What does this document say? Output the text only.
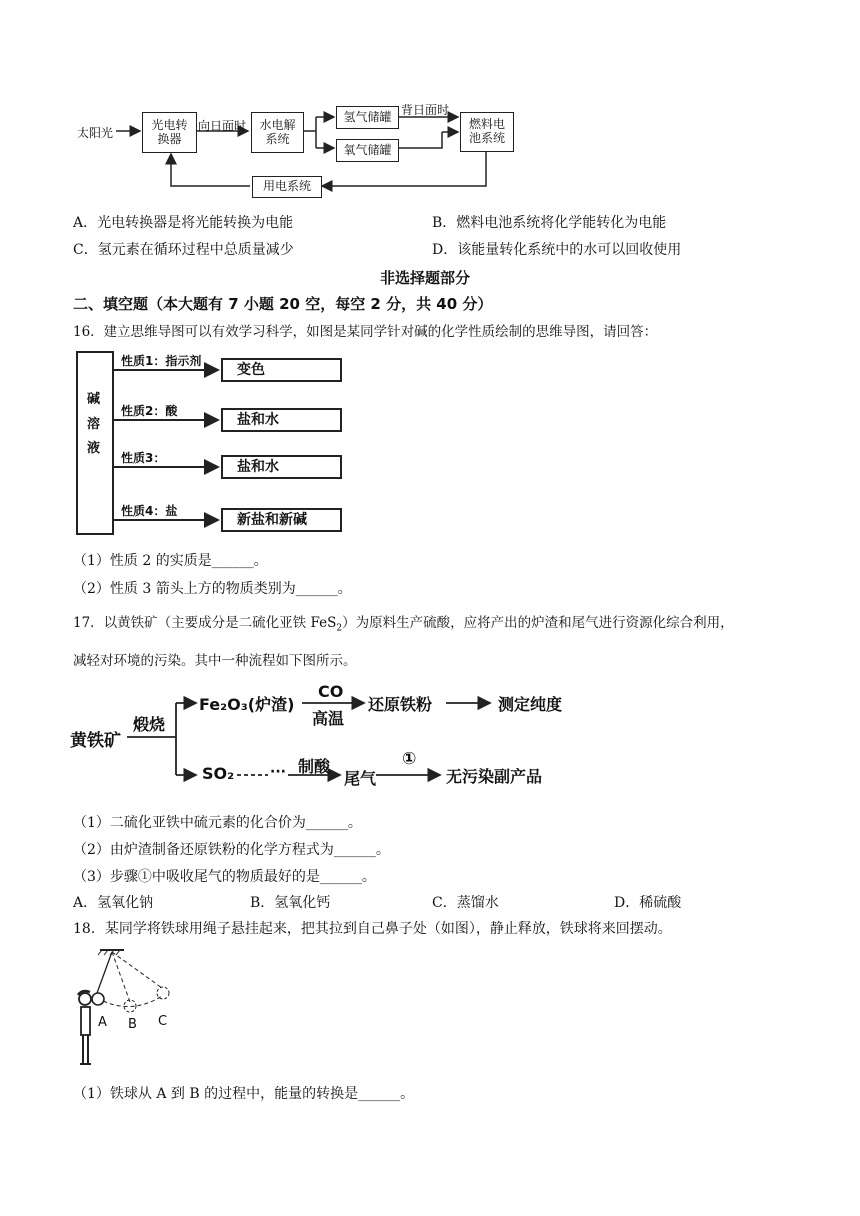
太阳光
光电转
换器
向日面时	水电解
系统
氢气储罐
氧气储罐
背日面时
燃料电
池系统
用电系统
A．光电转换器是将光能转换为电能	B．燃料电池系统将化学能转化为电能
C．氢元素在循环过程中总质量减少	D．该能量转化系统中的水可以回收使用
非选择题部分
二、填空题（本大题有 7 小题 20 空，每空 2 分，共 40 分）
16．建立思维导图可以有效学习科学，如图是某同学针对碱的化学性质绘制的思维导图，请回答：
碱
溶
液
性质1：指示剂
性质2：酸
性质3：
性质4：盐
变色
盐和水
盐和水
新盐和新碱
（1）性质 2 的实质是______。
（2）性质 3 箭头上方的物质类别为______。
17．以黄铁矿（主要成分是二硫化亚铁 FeS$_2$）为原料生产硫酸，应将产出的炉渣和尾气进行资源化综合利用，
减轻对环境的污染。其中一种流程如下图所示。
黄铁矿
煅烧
Fe₂O₃(炉渣)
CO
高温
还原铁粉	测定纯度
SO₂	··· 制酸
尾气
①
无污染副产品
（1）二硫化亚铁中硫元素的化合价为______。
（2）由炉渣制备还原铁粉的化学方程式为______。
（3）步骤①中吸收尾气的物质最好的是______。
A．氢氧化钠	B．氢氧化钙	C．蒸馏水	D．稀硫酸
18．某同学将铁球用绳子悬挂起来，把其拉到自己鼻子处（如图），静止释放，铁球将来回摆动。
A B C
（1）铁球从 A 到 B 的过程中，能量的转换是______。
